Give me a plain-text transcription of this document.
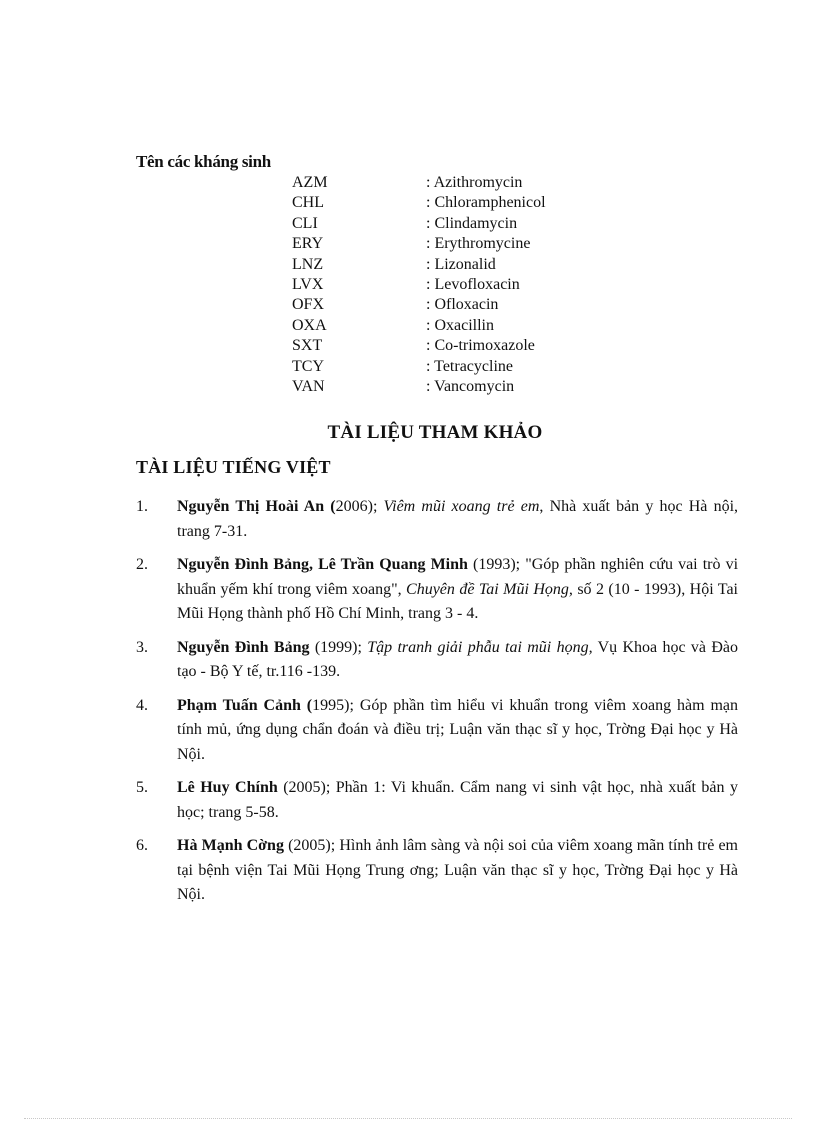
Tên các kháng sinh
AZM	: Azithromycin
CHL	: Chloramphenicol
CLI	: Clindamycin
ERY	: Erythromycine
LNZ	: Lizonalid
LVX	: Levofloxacin
OFX	: Ofloxacin
OXA	: Oxacillin
SXT	: Co-trimoxazole
TCY	: Tetracycline
VAN	: Vancomycin
TÀI LIỆU THAM KHẢO
TÀI LIỆU TIẾNG VIỆT
1. Nguyễn Thị Hoài An (2006); Viêm mũi xoang trẻ em, Nhà xuất bản y học Hà nội, trang 7-31.
2. Nguyễn Đình Bảng, Lê Trần Quang Minh (1993); "Góp phần nghiên cứu vai trò vi khuẩn yếm khí trong viêm xoang", Chuyên đề Tai Mũi Họng, số 2 (10 - 1993), Hội Tai Mũi Họng thành phố Hồ Chí Minh, trang 3 - 4.
3. Nguyễn Đình Bảng (1999); Tập tranh giải phẫu tai mũi họng, Vụ Khoa học và Đào tạo - Bộ Y tế, tr.116 -139.
4. Phạm Tuấn Cảnh (1995); Góp phần tìm hiểu vi khuẩn trong viêm xoang hàm mạn tính mủ, ứng dụng chẩn đoán và điều trị; Luận văn thạc sĩ y học, Trờng Đại học y Hà Nội.
5. Lê Huy Chính (2005); Phần 1: Vi khuẩn. Cẩm nang vi sinh vật học, nhà xuất bản y học; trang 5-58.
6. Hà Mạnh Cờng (2005); Hình ảnh lâm sàng và nội soi của viêm xoang mãn tính trẻ em tại bệnh viện Tai Mũi Họng Trung ơng; Luận văn thạc sĩ y học, Trờng Đại học y Hà Nội.
